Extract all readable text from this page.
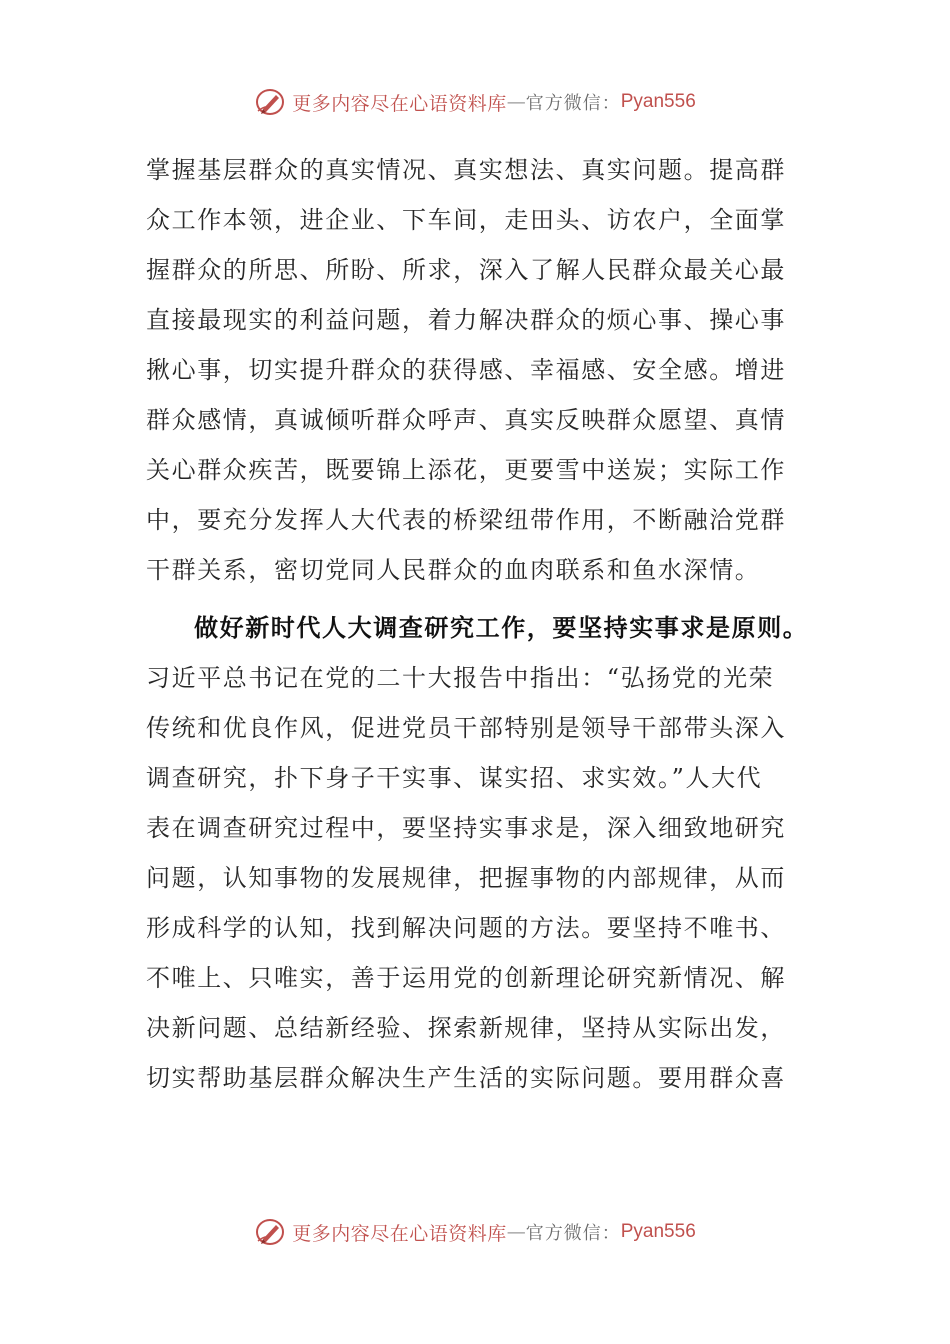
更多内容尽在心语资料库 — 官方微信： Pyan556

掌握基层群众的真实情况、真实想法、真实问题。提高群
众工作本领，进企业、下车间，走田头、访农户，全面掌
握群众的所思、所盼、所求，深入了解人民群众最关心最
直接最现实的利益问题，着力解决群众的烦心事、操心事
揪心事，切实提升群众的获得感、幸福感、安全感。增进
群众感情，真诚倾听群众呼声、真实反映群众愿望、真情
关心群众疾苦，既要锦上添花，更要雪中送炭；实际工作
中，要充分发挥人大代表的桥梁纽带作用，不断融洽党群
干群关系，密切党同人民群众的血肉联系和鱼水深情。

做好新时代人大调查研究工作，要坚持实事求是原则。
习近平总书记在党的二十大报告中指出：“弘扬党的光荣
传统和优良作风，促进党员干部特别是领导干部带头深入
调查研究，扑下身子干实事、谋实招、求实效。”人大代
表在调查研究过程中，要坚持实事求是，深入细致地研究
问题，认知事物的发展规律，把握事物的内部规律，从而
形成科学的认知，找到解决问题的方法。要坚持不唯书、
不唯上、只唯实，善于运用党的创新理论研究新情况、解
决新问题、总结新经验、探索新规律，坚持从实际出发，
切实帮助基层群众解决生产生活的实际问题。要用群众喜

更多内容尽在心语资料库 — 官方微信： Pyan556
